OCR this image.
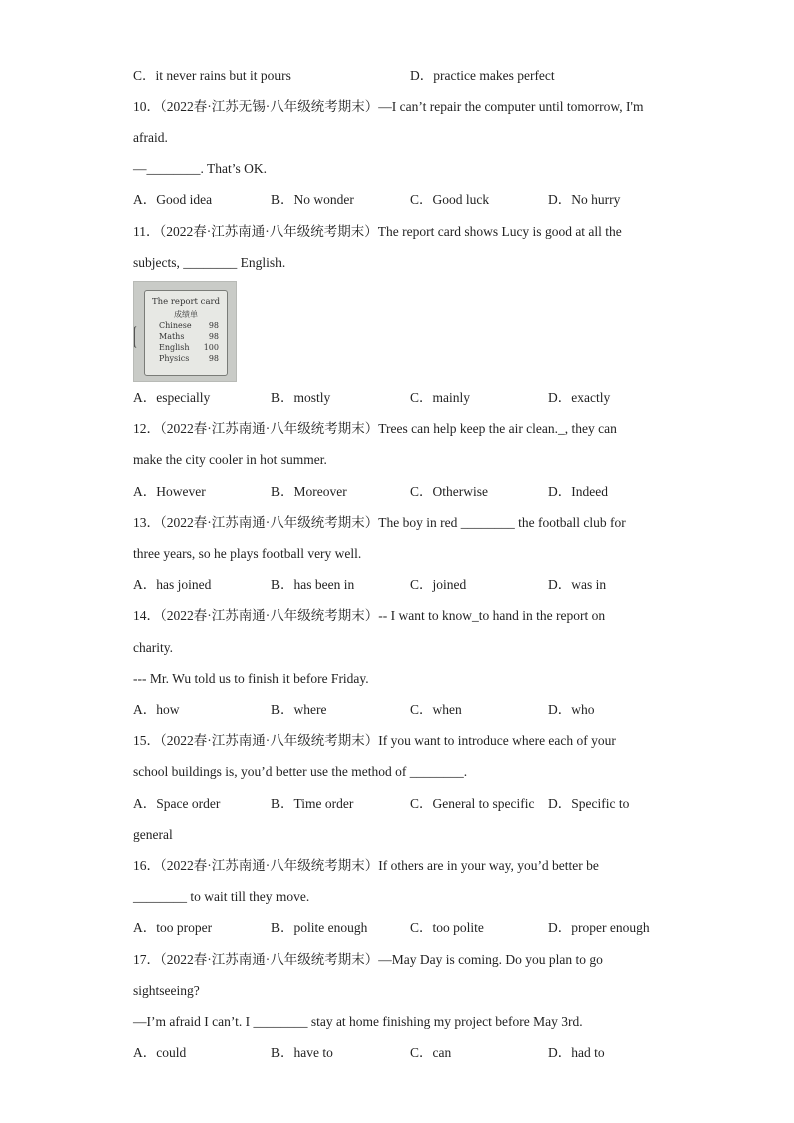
C．it never rains but it pours	D．practice makes perfect
10．（2022春·江苏无锡·八年级统考期末）—I can’t repair the computer until tomorrow, I'm
afraid.
—________. That’s OK.
A．Good idea	B．No wonder	C．Good luck	D．No hurry
11．（2022春·江苏南通·八年级统考期末）The report card shows Lucy is good at all the
subjects, ________ English.
The report card
成绩单
Chinese 98
Maths	98
English 100
Physics 98
A．especially	B．mostly	C．mainly	D．exactly
12．（2022春·江苏南通·八年级统考期末）Trees can help keep the air clean._, they can
make the city cooler in hot summer.
A．However	B．Moreover	C．Otherwise	D．Indeed
13．（2022春·江苏南通·八年级统考期末）The boy in red ________ the football club for
three years, so he plays football very well.
A．has joined	B．has been in	C．joined	D．was in
14．（2022春·江苏南通·八年级统考期末）-- I want to know_to hand in the report on
charity.
--- Mr. Wu told us to finish it before Friday.
A．how	B．where	C．when	D．who
15．（2022春·江苏南通·八年级统考期末）If you want to introduce where each of your
school buildings is, you’d better use the method of ________.
A．Space order	B．Time order	C．General to specific D．Specific to
general
16．（2022春·江苏南通·八年级统考期末）If others are in your way, you’d better be
________ to wait till they move.
A．too proper	B．polite enough	C．too polite	D．proper enough
17．（2022春·江苏南通·八年级统考期末）—May Day is coming. Do you plan to go
sightseeing?
—I’m afraid I can’t. I ________ stay at home finishing my project before May 3rd.
A．could	B．have to	C．can	D．had to
